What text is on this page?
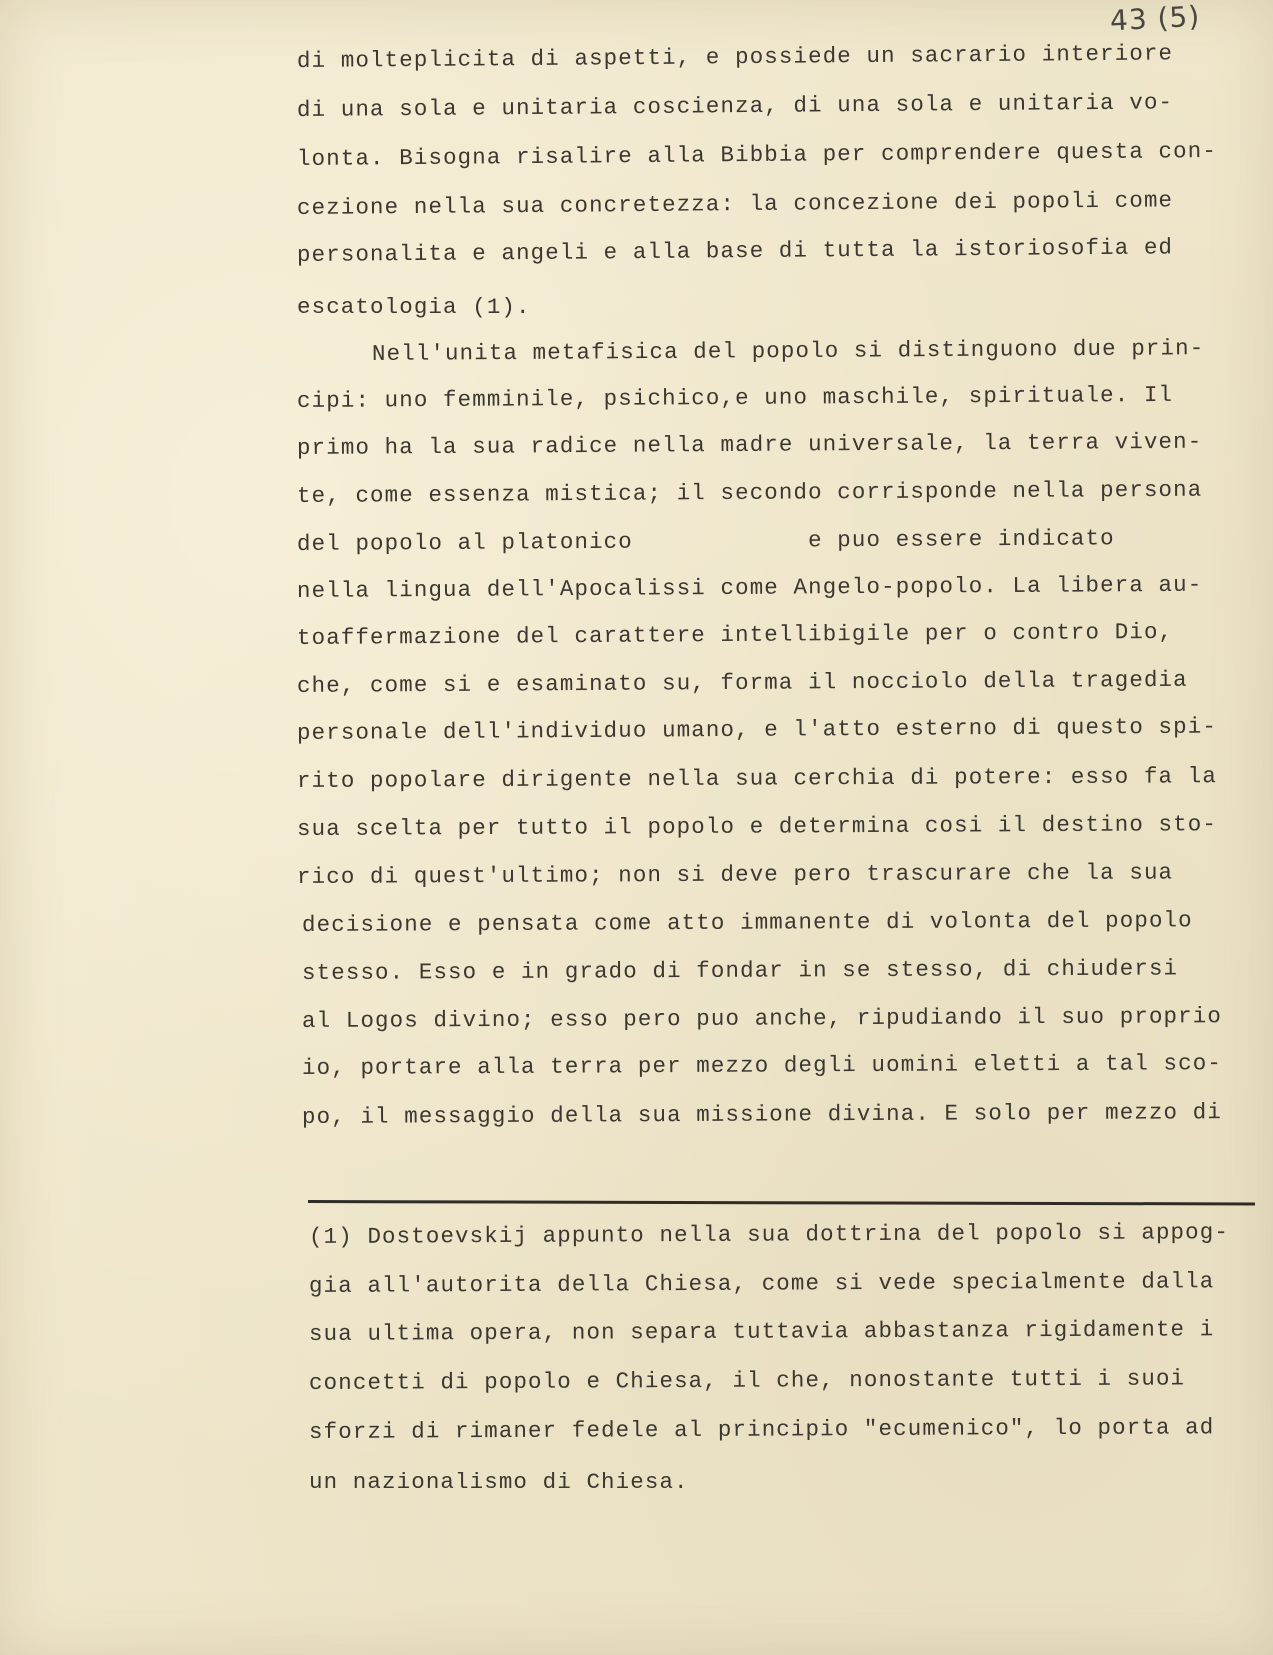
43 (5)
di molteplicita di aspetti, e possiede un sacrario interiore
di una sola e unitaria coscienza, di una sola e unitaria vo-
lonta. Bisogna risalire alla Bibbia per comprendere questa con-
cezione nella sua concretezza: la concezione dei popoli come
personalita e angeli e alla base di tutta la istoriosofia ed
escatologia (1).
Nell'unita metafisica del popolo si distinguono due prin-
cipi: uno femminile, psichico,e uno maschile, spirituale. Il
primo ha la sua radice nella madre universale, la terra viven-
te, come essenza mistica; il secondo corrisponde nella persona
del popolo al platonico            e puo essere indicato
nella lingua dell'Apocalissi come Angelo-popolo. La libera au-
toaffermazione del carattere intellibigile per o contro Dio,
che, come si e esaminato su, forma il nocciolo della tragedia
personale dell'individuo umano, e l'atto esterno di questo spi-
rito popolare dirigente nella sua cerchia di potere: esso fa la
sua scelta per tutto il popolo e determina cosi il destino sto-
rico di quest'ultimo; non si deve pero trascurare che la sua
decisione e pensata come atto immanente di volonta del popolo
stesso. Esso e in grado di fondar in se stesso, di chiudersi
al Logos divino; esso pero puo anche, ripudiando il suo proprio
io, portare alla terra per mezzo degli uomini eletti a tal sco-
po, il messaggio della sua missione divina. E solo per mezzo di
(1) Dostoevskij appunto nella sua dottrina del popolo si appog-
gia all'autorita della Chiesa, come si vede specialmente dalla
sua ultima opera, non separa tuttavia abbastanza rigidamente i
concetti di popolo e Chiesa, il che, nonostante tutti i suoi
sforzi di rimaner fedele al principio "ecumenico", lo porta ad
un nazionalismo di Chiesa.
